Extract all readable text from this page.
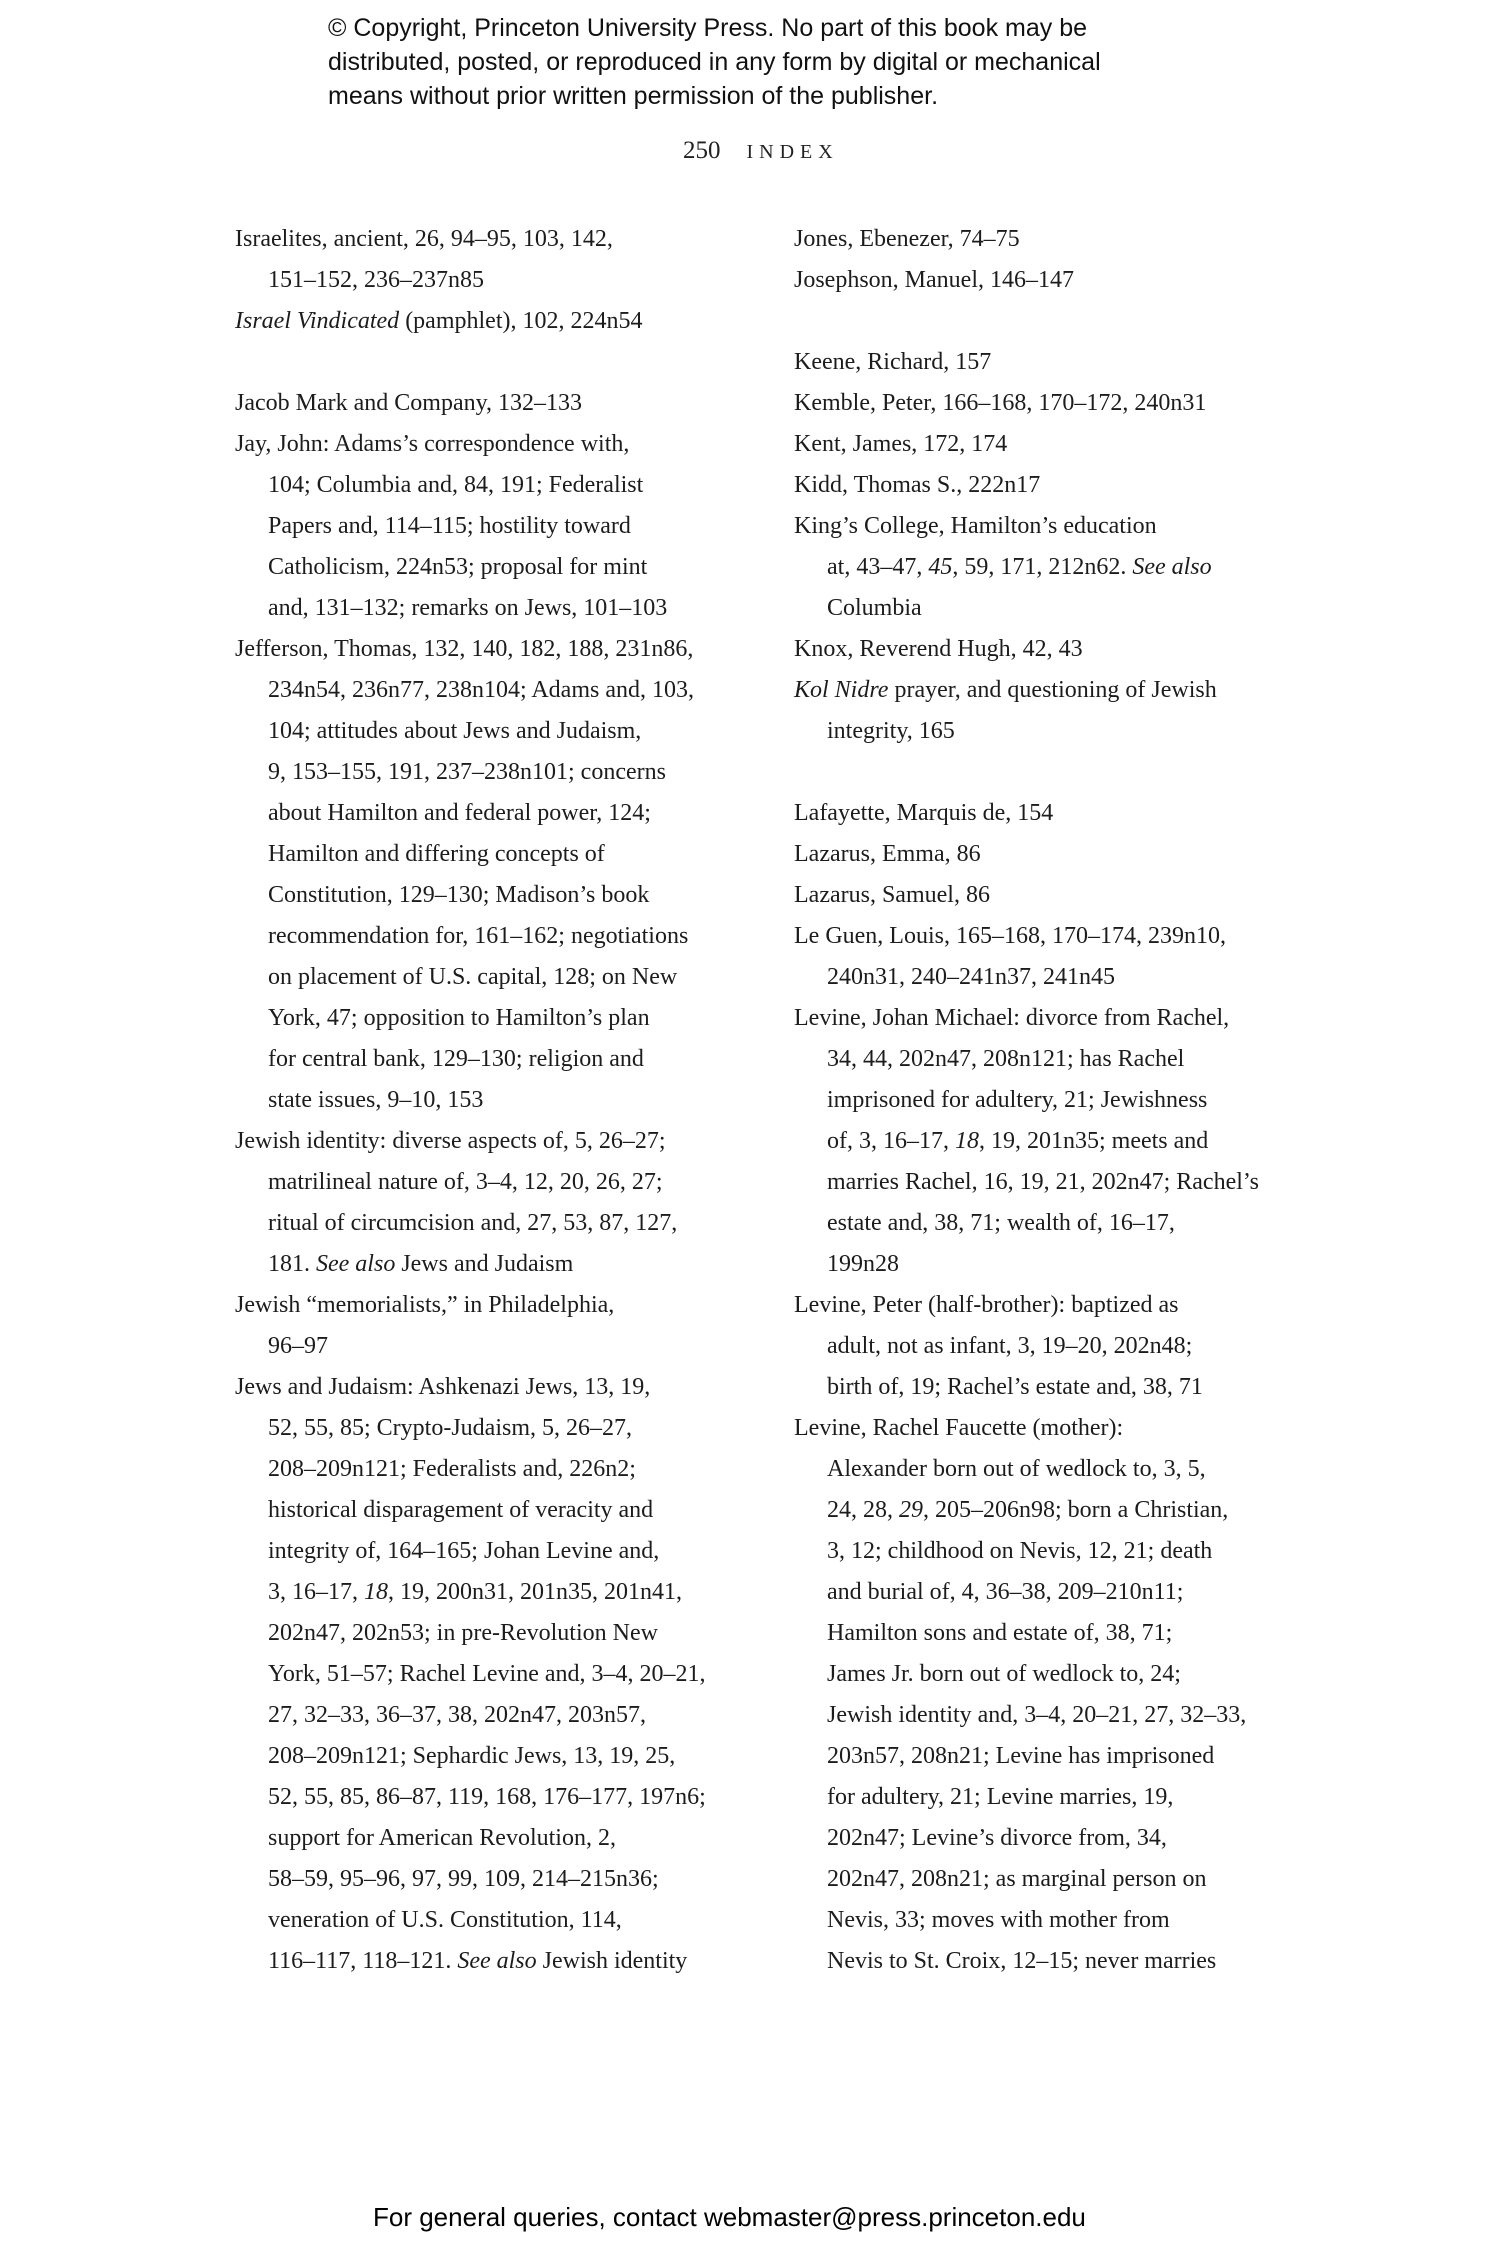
© Copyright, Princeton University Press. No part of this book may be
distributed, posted, or reproduced in any form by digital or mechanical
means without prior written permission of the publisher.
250 INDEX
Israelites, ancient, 26, 94–95, 103, 142,
151–152, 236–237n85
Israel Vindicated (pamphlet), 102, 224n54
Jacob Mark and Company, 132–133
Jay, John: Adams’s correspondence with,
104; Columbia and, 84, 191; Federalist
Papers and, 114–115; hostility toward
Catholicism, 224n53; proposal for mint
and, 131–132; remarks on Jews, 101–103
Jefferson, Thomas, 132, 140, 182, 188, 231n86,
234n54, 236n77, 238n104; Adams and, 103,
104; attitudes about Jews and Judaism,
9, 153–155, 191, 237–238n101; concerns
about Hamilton and federal power, 124;
Hamilton and differing concepts of
Constitution, 129–130; Madison’s book
recommendation for, 161–162; negotiations
on placement of U.S. capital, 128; on New
York, 47; opposition to Hamilton’s plan
for central bank, 129–130; religion and
state issues, 9–10, 153
Jewish identity: diverse aspects of, 5, 26–27;
matrilineal nature of, 3–4, 12, 20, 26, 27;
ritual of circumcision and, 27, 53, 87, 127,
181. See also Jews and Judaism
Jewish “memorialists,” in Philadelphia,
96–97
Jews and Judaism: Ashkenazi Jews, 13, 19,
52, 55, 85; Crypto-Judaism, 5, 26–27,
208–209n121; Federalists and, 226n2;
historical disparagement of veracity and
integrity of, 164–165; Johan Levine and,
3, 16–17, 18, 19, 200n31, 201n35, 201n41,
202n47, 202n53; in pre-Revolution New
York, 51–57; Rachel Levine and, 3–4, 20–21,
27, 32–33, 36–37, 38, 202n47, 203n57,
208–209n121; Sephardic Jews, 13, 19, 25,
52, 55, 85, 86–87, 119, 168, 176–177, 197n6;
support for American Revolution, 2,
58–59, 95–96, 97, 99, 109, 214–215n36;
veneration of U.S. Constitution, 114,
116–117, 118–121. See also Jewish identity
Jones, Ebenezer, 74–75
Josephson, Manuel, 146–147
Keene, Richard, 157
Kemble, Peter, 166–168, 170–172, 240n31
Kent, James, 172, 174
Kidd, Thomas S., 222n17
King’s College, Hamilton’s education
at, 43–47, 45, 59, 171, 212n62. See also
Columbia
Knox, Reverend Hugh, 42, 43
Kol Nidre prayer, and questioning of Jewish
integrity, 165
Lafayette, Marquis de, 154
Lazarus, Emma, 86
Lazarus, Samuel, 86
Le Guen, Louis, 165–168, 170–174, 239n10,
240n31, 240–241n37, 241n45
Levine, Johan Michael: divorce from Rachel,
34, 44, 202n47, 208n121; has Rachel
imprisoned for adultery, 21; Jewishness
of, 3, 16–17, 18, 19, 201n35; meets and
marries Rachel, 16, 19, 21, 202n47; Rachel’s
estate and, 38, 71; wealth of, 16–17,
199n28
Levine, Peter (half-brother): baptized as
adult, not as infant, 3, 19–20, 202n48;
birth of, 19; Rachel’s estate and, 38, 71
Levine, Rachel Faucette (mother):
Alexander born out of wedlock to, 3, 5,
24, 28, 29, 205–206n98; born a Christian,
3, 12; childhood on Nevis, 12, 21; death
and burial of, 4, 36–38, 209–210n11;
Hamilton sons and estate of, 38, 71;
James Jr. born out of wedlock to, 24;
Jewish identity and, 3–4, 20–21, 27, 32–33,
203n57, 208n21; Levine has imprisoned
for adultery, 21; Levine marries, 19,
202n47; Levine’s divorce from, 34,
202n47, 208n21; as marginal person on
Nevis, 33; moves with mother from
Nevis to St. Croix, 12–15; never marries
For general queries, contact webmaster@press.princeton.edu
